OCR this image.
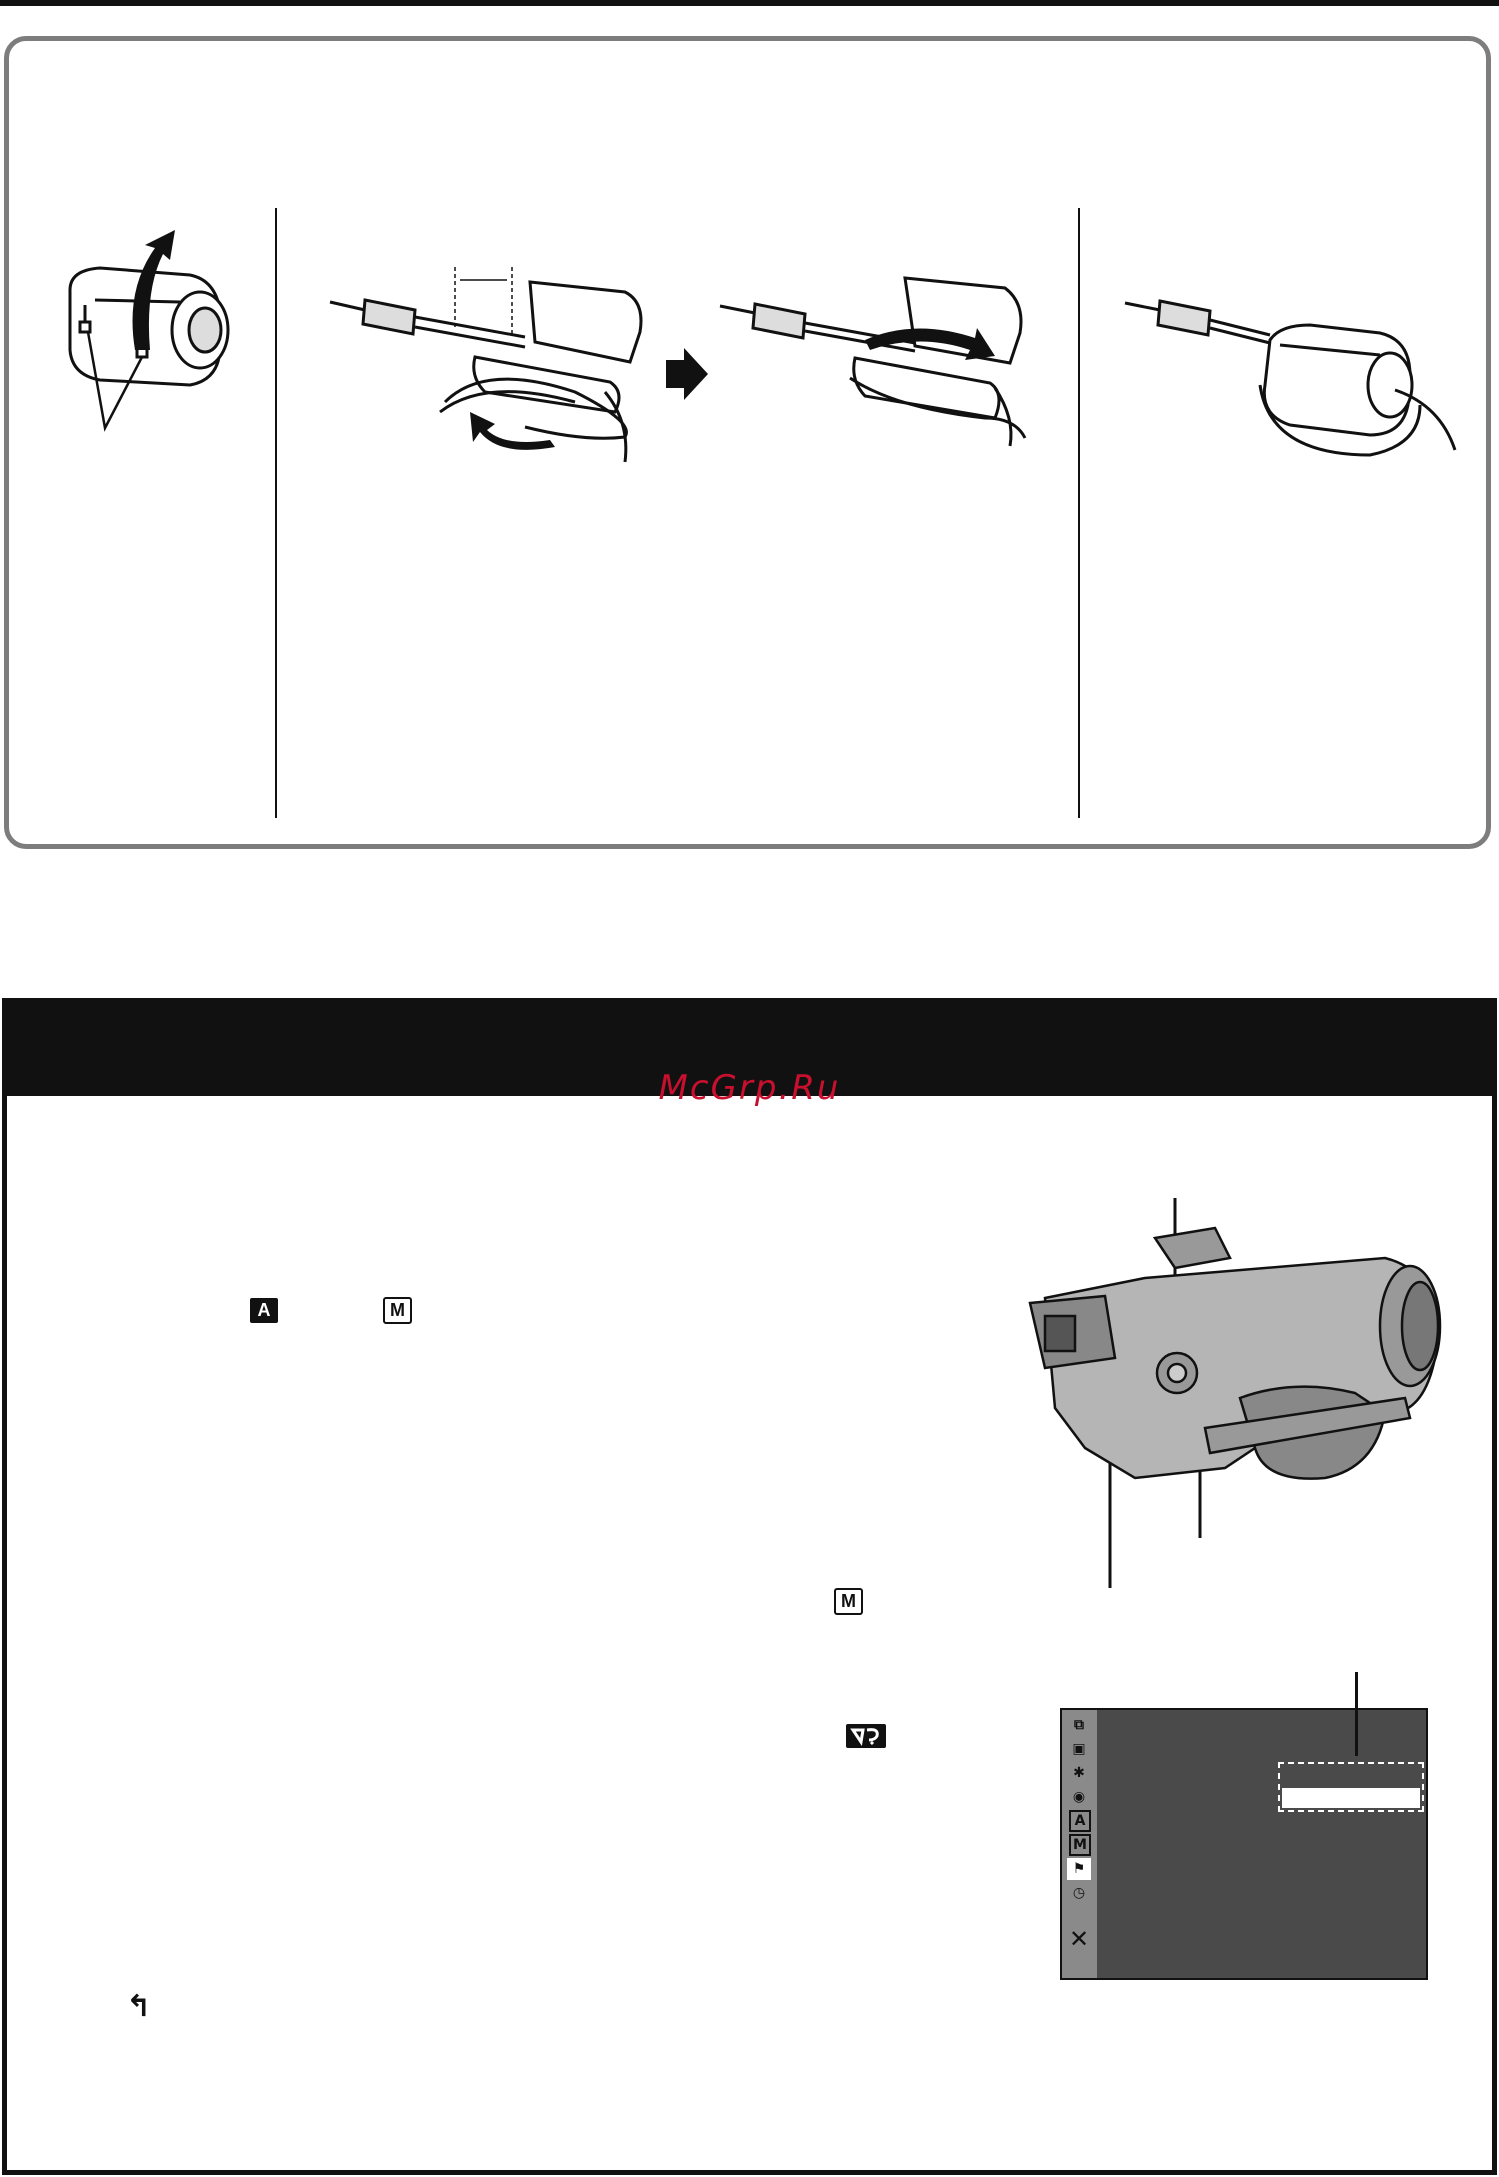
McGrp.Ru
A	M
M
↰
⧉
▣
✱
◉
A
M
⚑
◷
✕
